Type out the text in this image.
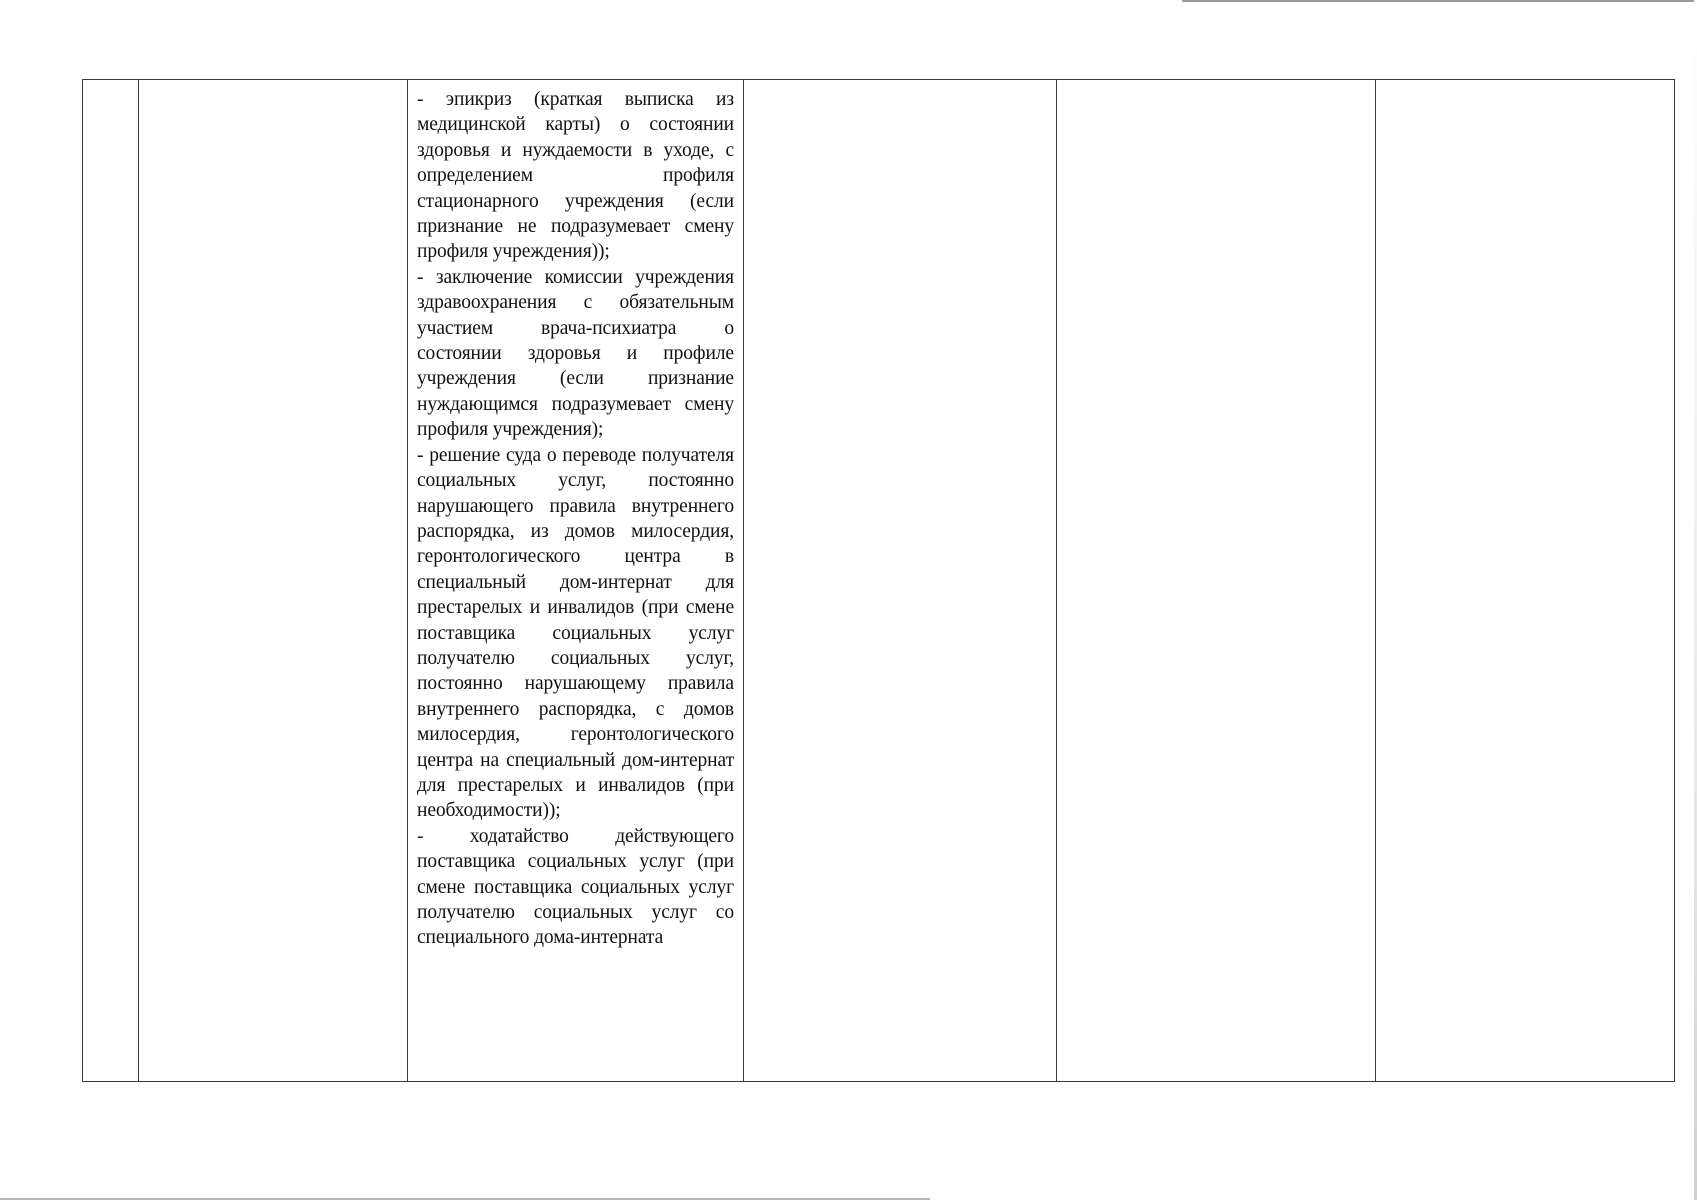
- эпикриз (краткая выписка из медицинской карты) о состоянии здоровья и нуждаемости в уходе, с определением профиля стационарного учреждения (если признание не подразумевает смену профиля учреждения));

- заключение комиссии учреждения здравоохранения с обязательным участием врача-психиатра о состоянии здоровья и профиле учреждения (если признание нуждающимся подразумевает смену профиля учреждения);

- решение суда о переводе получателя социальных услуг, постоянно нарушающего правила внутреннего распорядка, из домов милосердия, геронтологического центра в специальный дом-интернат для престарелых и инвалидов (при смене поставщика социальных услуг получателю социальных услуг, постоянно нарушающему правила внутреннего распорядка, с домов милосердия, геронтологического центра на специальный дом-интернат для престарелых и инвалидов (при необходимости));

- ходатайство действующего поставщика социальных услуг (при смене поставщика социальных услуг получателю социальных услуг со специального дома-интерната
